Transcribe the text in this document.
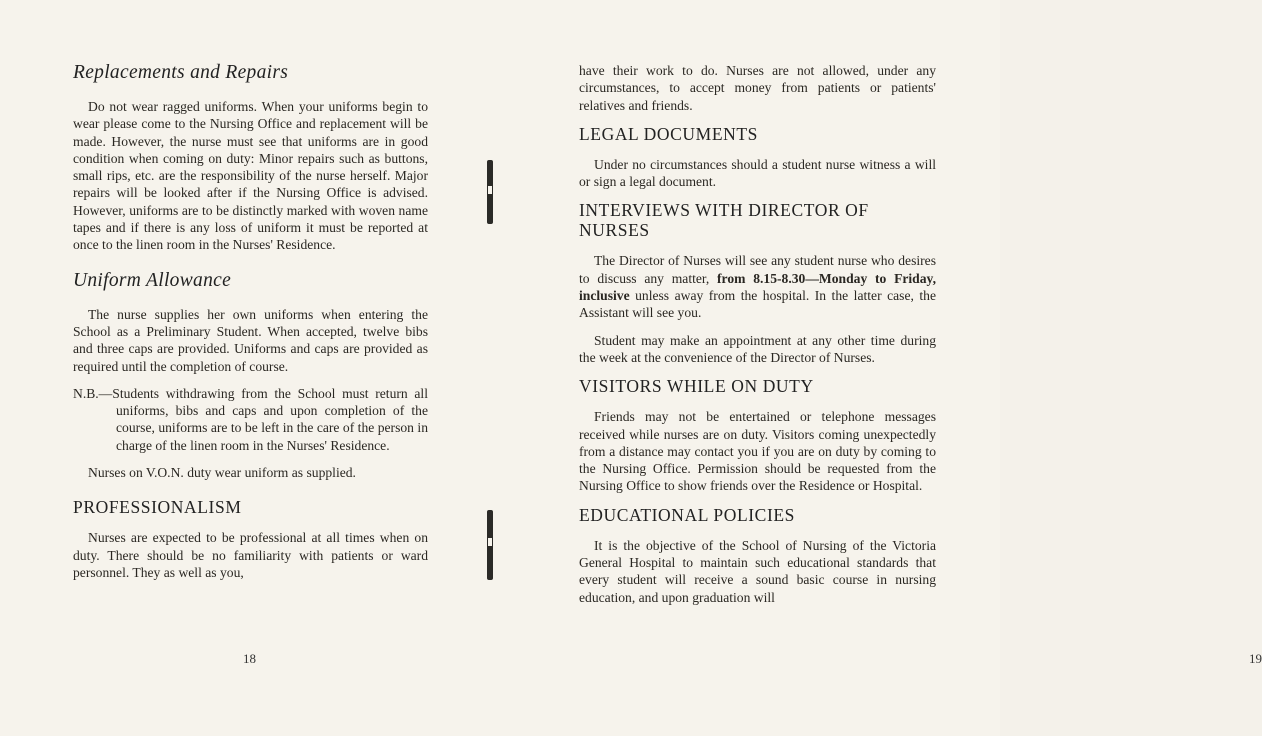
Replacements and Repairs

Do not wear ragged uniforms. When your uniforms begin to wear please come to the Nursing Office and replacement will be made. However, the nurse must see that uniforms are in good condition when coming on duty: Minor repairs such as buttons, small rips, etc. are the responsibility of the nurse herself. Major repairs will be looked after if the Nursing Office is advised. However, uniforms are to be distinctly marked with woven name tapes and if there is any loss of uniform it must be reported at once to the linen room in the Nurses' Residence.

Uniform Allowance

The nurse supplies her own uniforms when entering the School as a Preliminary Student. When accepted, twelve bibs and three caps are provided. Uniforms and caps are provided as required until the completion of course.

N.B.—Students withdrawing from the School must return all uniforms, bibs and caps and upon completion of the course, uniforms are to be left in the care of the person in charge of the linen room in the Nurses' Residence.

Nurses on V.O.N. duty wear uniform as supplied.

PROFESSIONALISM

Nurses are expected to be professional at all times when on duty. There should be no familiarity with patients or ward personnel. They as well as you,

18

have their work to do. Nurses are not allowed, under any circumstances, to accept money from patients or patients' relatives and friends.

LEGAL DOCUMENTS

Under no circumstances should a student nurse witness a will or sign a legal document.

INTERVIEWS WITH DIRECTOR OF NURSES

The Director of Nurses will see any student nurse who desires to discuss any matter, from 8.15-8.30—Monday to Friday, inclusive unless away from the hospital. In the latter case, the Assistant will see you.

Student may make an appointment at any other time during the week at the convenience of the Director of Nurses.

VISITORS WHILE ON DUTY

Friends may not be entertained or telephone messages received while nurses are on duty. Visitors coming unexpectedly from a distance may contact you if you are on duty by coming to the Nursing Office. Permission should be requested from the Nursing Office to show friends over the Residence or Hospital.

EDUCATIONAL POLICIES

It is the objective of the School of Nursing of the Victoria General Hospital to maintain such educational standards that every student will receive a sound basic course in nursing education, and upon graduation will

19
